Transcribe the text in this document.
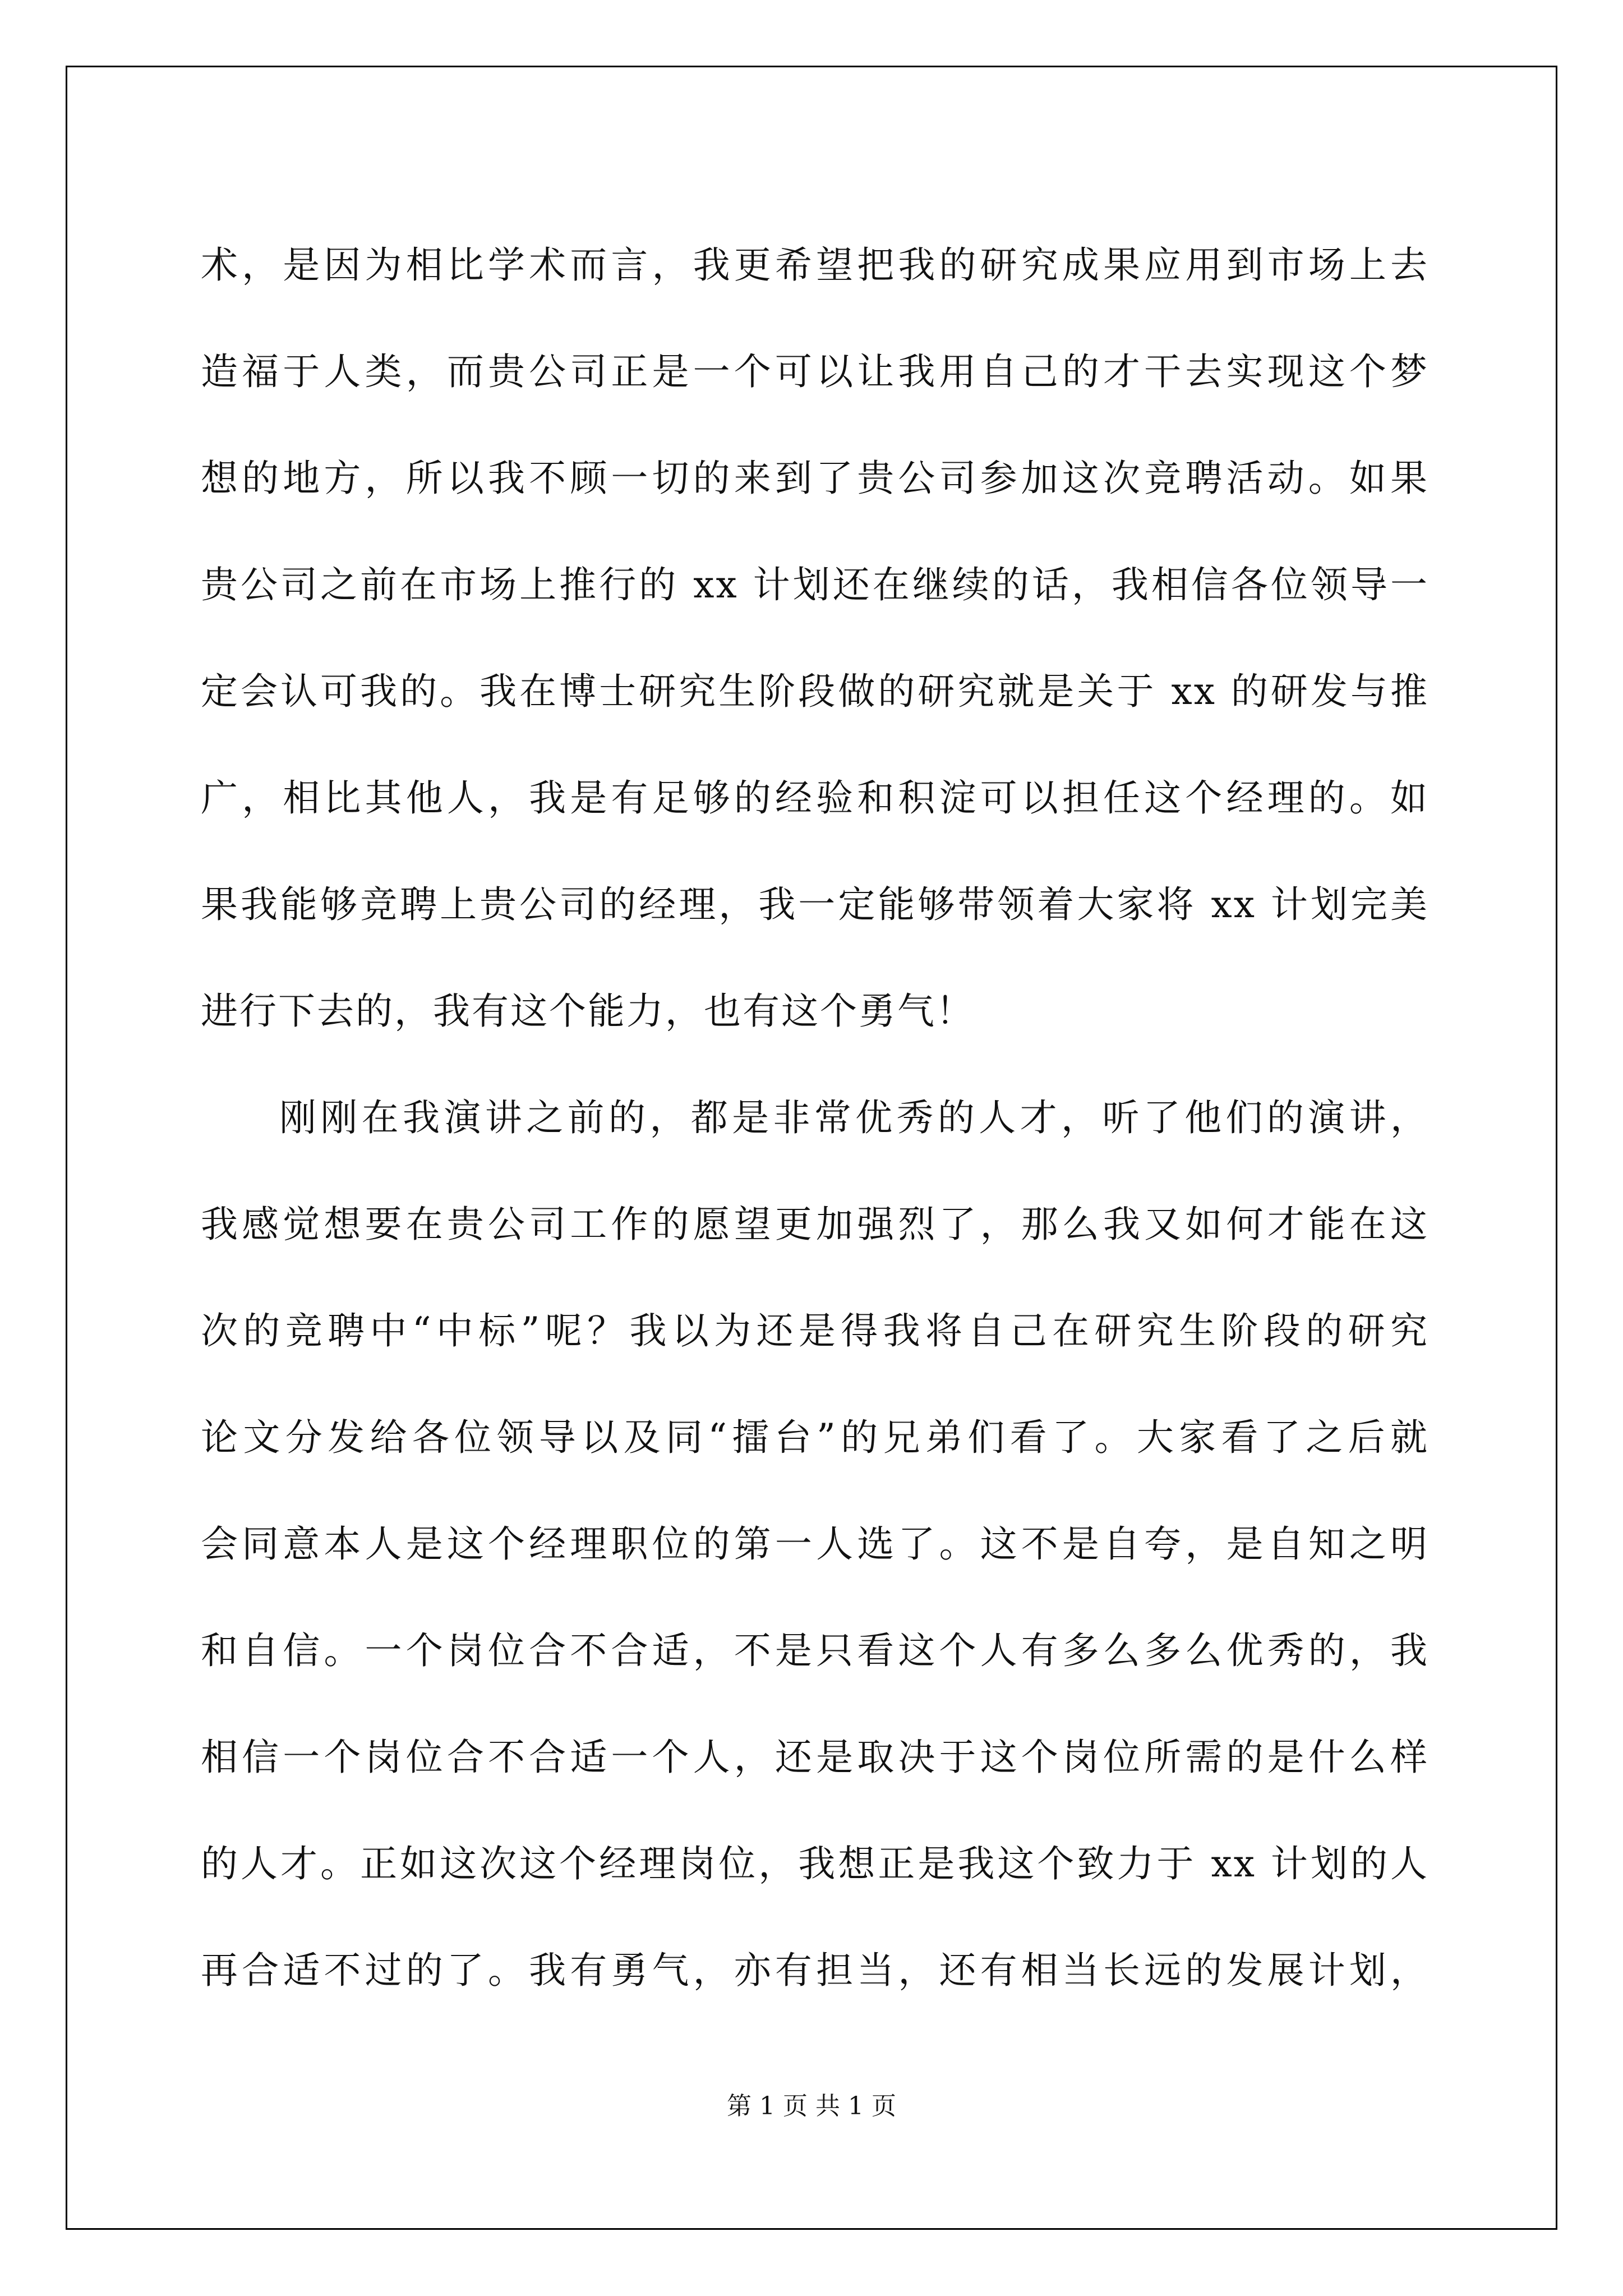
术，是因为相比学术而言，我更希望把我的研究成果应用到市场上去
造福于人类，而贵公司正是一个可以让我用自己的才干去实现这个梦
想的地方，所以我不顾一切的来到了贵公司参加这次竞聘活动。如果
贵公司之前在市场上推行的 xx 计划还在继续的话，我相信各位领导一
定会认可我的。我在博士研究生阶段做的研究就是关于 xx 的研发与推
广，相比其他人，我是有足够的经验和积淀可以担任这个经理的。如
果我能够竞聘上贵公司的经理，我一定能够带领着大家将 xx 计划完美
进行下去的，我有这个能力，也有这个勇气！
刚刚在我演讲之前的，都是非常优秀的人才，听了他们的演讲，
我感觉想要在贵公司工作的愿望更加强烈了，那么我又如何才能在这
次的竞聘中“中标”呢？我以为还是得我将自己在研究生阶段的研究
论文分发给各位领导以及同“擂台”的兄弟们看了。大家看了之后就
会同意本人是这个经理职位的第一人选了。这不是自夸，是自知之明
和自信。一个岗位合不合适，不是只看这个人有多么多么优秀的，我
相信一个岗位合不合适一个人，还是取决于这个岗位所需的是什么样
的人才。正如这次这个经理岗位，我想正是我这个致力于 xx 计划的人
再合适不过的了。我有勇气，亦有担当，还有相当长远的发展计划，
第 1 页 共 1 页
